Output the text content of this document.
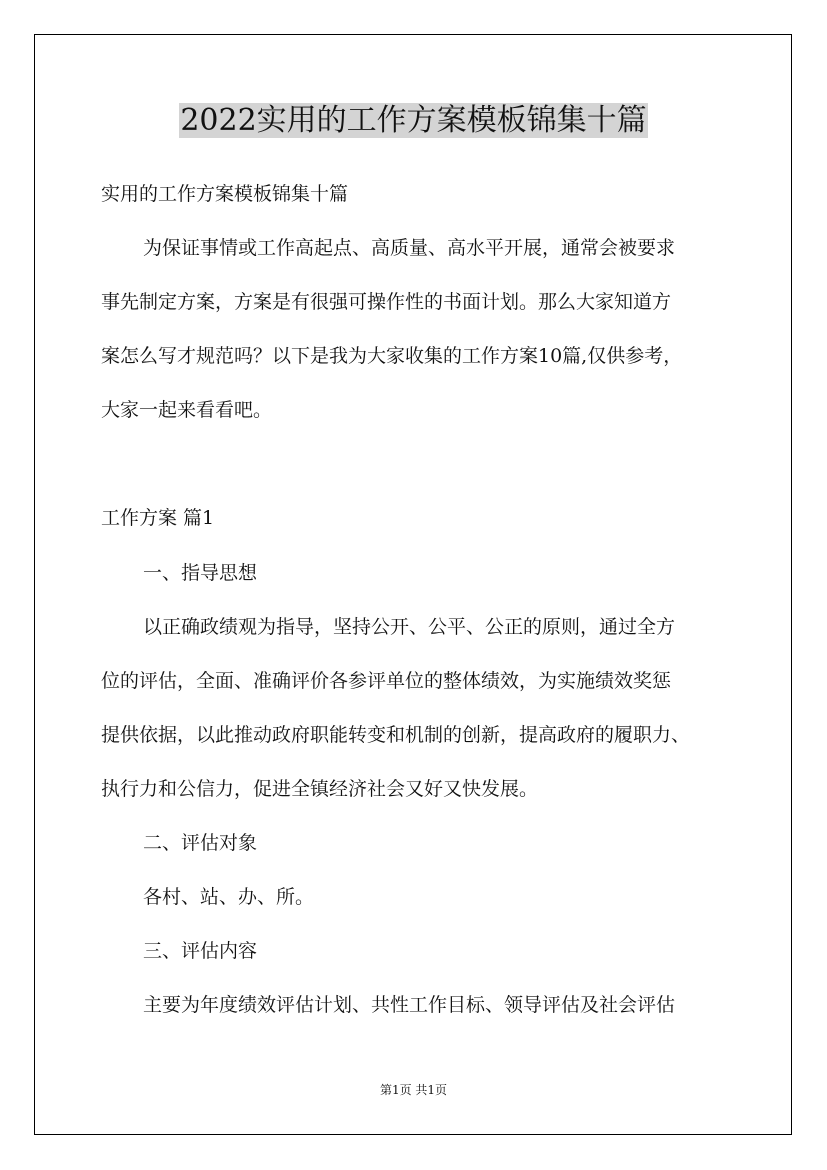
2022实用的工作方案模板锦集十篇
实用的工作方案模板锦集十篇
为保证事情或工作高起点、高质量、高水平开展，通常会被要求
事先制定方案，方案是有很强可操作性的书面计划。那么大家知道方
案怎么写才规范吗？以下是我为大家收集的工作方案10篇,仅供参考，
大家一起来看看吧。
工作方案 篇1
一、指导思想
以正确政绩观为指导，坚持公开、公平、公正的原则，通过全方
位的评估，全面、准确评价各参评单位的整体绩效，为实施绩效奖惩
提供依据，以此推动政府职能转变和机制的创新，提高政府的履职力、
执行力和公信力，促进全镇经济社会又好又快发展。
二、评估对象
各村、站、办、所。
三、评估内容
主要为年度绩效评估计划、共性工作目标、领导评估及社会评估
第1页 共1页
